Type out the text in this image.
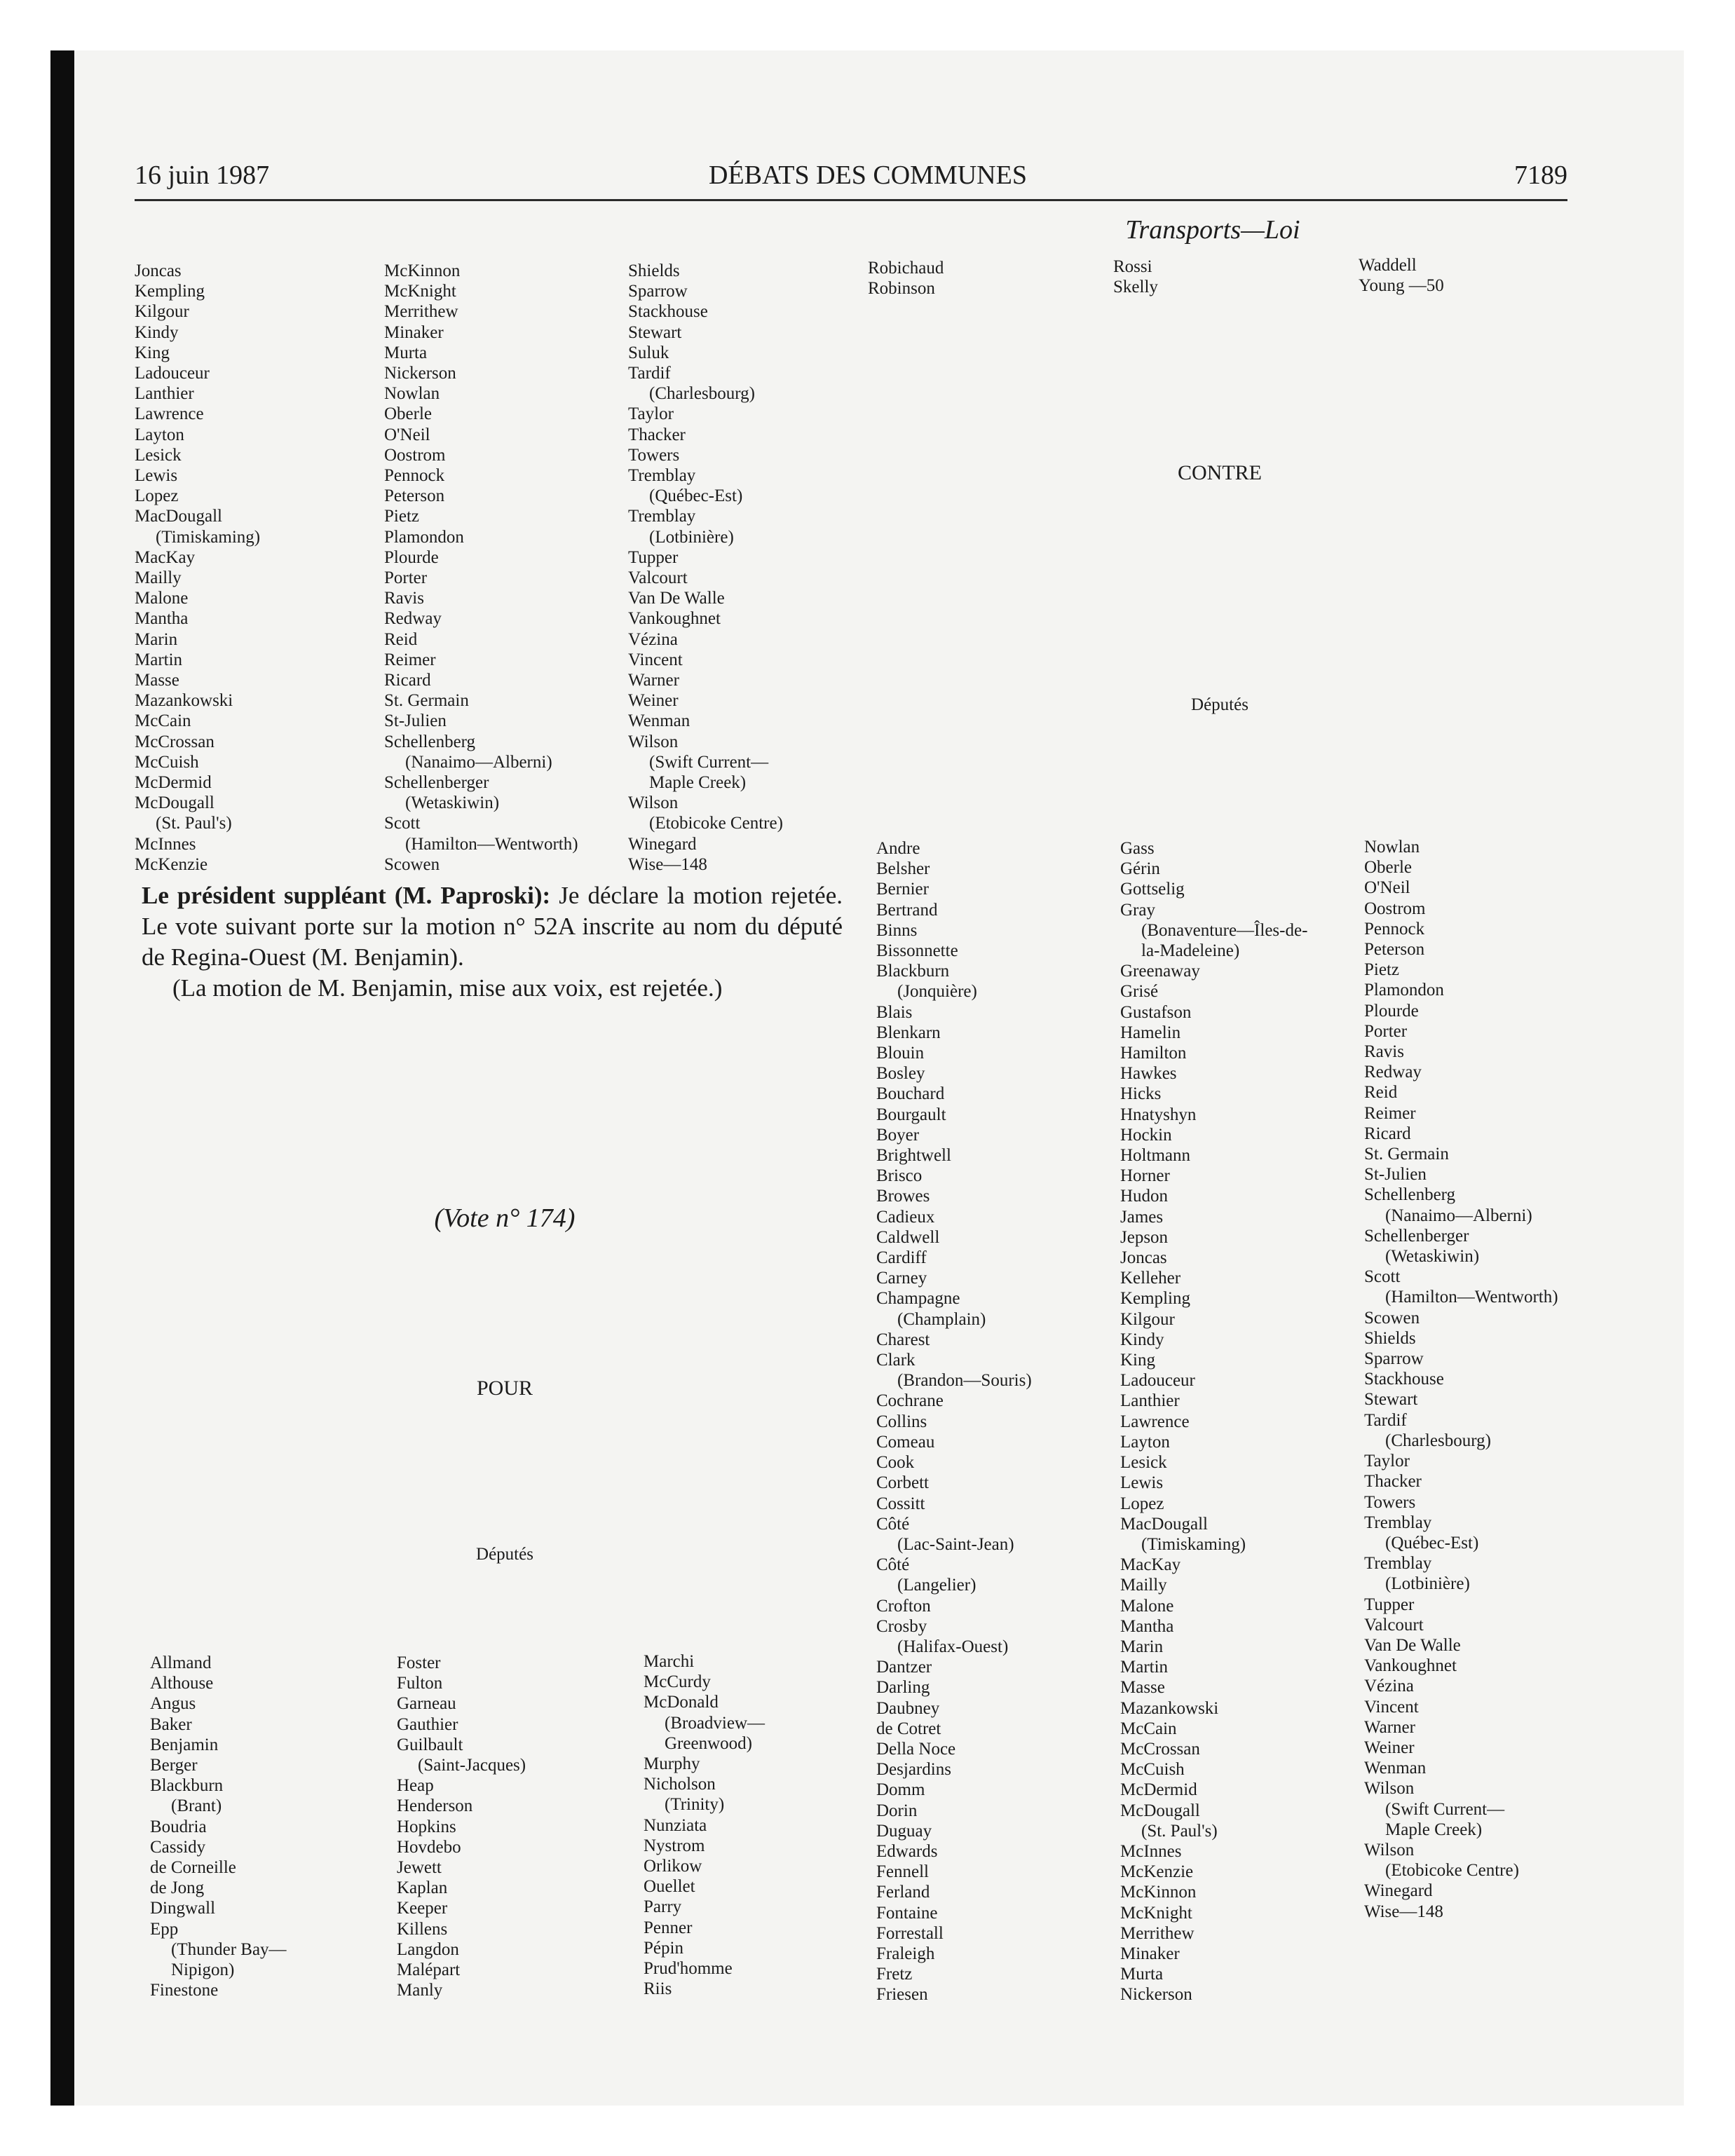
16 juin 1987	DÉBATS DES COMMUNES	7189
Transports—Loi
Joncas
Kempling
Kilgour
Kindy
King
Ladouceur
Lanthier
Lawrence
Layton
Lesick
Lewis
Lopez
MacDougall
(Timiskaming)
MacKay
Mailly
Malone
Mantha
Marin
Martin
Masse
Mazankowski
McCain
McCrossan
McCuish
McDermid
McDougall
(St. Paul's)
McInnes
McKenzie
McKinnon
McKnight
Merrithew
Minaker
Murta
Nickerson
Nowlan
Oberle
O'Neil
Oostrom
Pennock
Peterson
Pietz
Plamondon
Plourde
Porter
Ravis
Redway
Reid
Reimer
Ricard
St. Germain
St-Julien
Schellenberg
(Nanaimo—Alberni)
Schellenberger
(Wetaskiwin)
Scott
(Hamilton—Wentworth)
Scowen
Shields
Sparrow
Stackhouse
Stewart
Suluk
Tardif
(Charlesbourg)
Taylor
Thacker
Towers
Tremblay
(Québec-Est)
Tremblay
(Lotbinière)
Tupper
Valcourt
Van De Walle
Vankoughnet
Vézina
Vincent
Warner
Weiner
Wenman
Wilson
(Swift Current—
Maple Creek)
Wilson
(Etobicoke Centre)
Winegard
Wise—148
Robichaud
Robinson
Rossi
Skelly
Waddell
Young —50

Le président suppléant (M. Paproski): Je déclare la motion rejetée. Le vote suivant porte sur la motion n° 52A inscrite au nom du député de Regina-Ouest (M. Benjamin).

(La motion de M. Benjamin, mise aux voix, est rejetée.)

(Vote n° 174)
POUR
Députés
CONTRE
Députés
Allmand
Althouse
Angus
Baker
Benjamin
Berger
Blackburn
(Brant)
Boudria
Cassidy
de Corneille
de Jong
Dingwall
Epp
(Thunder Bay—
Nipigon)
Finestone
Foster
Fulton
Garneau
Gauthier
Guilbault
(Saint-Jacques)
Heap
Henderson
Hopkins
Hovdebo
Jewett
Kaplan
Keeper
Killens
Langdon
Malépart
Manly
Marchi
McCurdy
McDonald
(Broadview—
Greenwood)
Murphy
Nicholson
(Trinity)
Nunziata
Nystrom
Orlikow
Ouellet
Parry
Penner
Pépin
Prud'homme
Riis
Andre
Belsher
Bernier
Bertrand
Binns
Bissonnette
Blackburn
(Jonquière)
Blais
Blenkarn
Blouin
Bosley
Bouchard
Bourgault
Boyer
Brightwell
Brisco
Browes
Cadieux
Caldwell
Cardiff
Carney
Champagne
(Champlain)
Charest
Clark
(Brandon—Souris)
Cochrane
Collins
Comeau
Cook
Corbett
Cossitt
Côté
(Lac-Saint-Jean)
Côté
(Langelier)
Crofton
Crosby
(Halifax-Ouest)
Dantzer
Darling
Daubney
de Cotret
Della Noce
Desjardins
Domm
Dorin
Duguay
Edwards
Fennell
Ferland
Fontaine
Forrestall
Fraleigh
Fretz
Friesen
Gass
Gérin
Gottselig
Gray
(Bonaventure—Îles-de-
la-Madeleine)
Greenaway
Grisé
Gustafson
Hamelin
Hamilton
Hawkes
Hicks
Hnatyshyn
Hockin
Holtmann
Horner
Hudon
James
Jepson
Joncas
Kelleher
Kempling
Kilgour
Kindy
King
Ladouceur
Lanthier
Lawrence
Layton
Lesick
Lewis
Lopez
MacDougall
(Timiskaming)
MacKay
Mailly
Malone
Mantha
Marin
Martin
Masse
Mazankowski
McCain
McCrossan
McCuish
McDermid
McDougall
(St. Paul's)
McInnes
McKenzie
McKinnon
McKnight
Merrithew
Minaker
Murta
Nickerson
Nowlan
Oberle
O'Neil
Oostrom
Pennock
Peterson
Pietz
Plamondon
Plourde
Porter
Ravis
Redway
Reid
Reimer
Ricard
St. Germain
St-Julien
Schellenberg
(Nanaimo—Alberni)
Schellenberger
(Wetaskiwin)
Scott
(Hamilton—Wentworth)
Scowen
Shields
Sparrow
Stackhouse
Stewart
Tardif
(Charlesbourg)
Taylor
Thacker
Towers
Tremblay
(Québec-Est)
Tremblay
(Lotbinière)
Tupper
Valcourt
Van De Walle
Vankoughnet
Vézina
Vincent
Warner
Weiner
Wenman
Wilson
(Swift Current—
Maple Creek)
Wilson
(Etobicoke Centre)
Winegard
Wise—148
